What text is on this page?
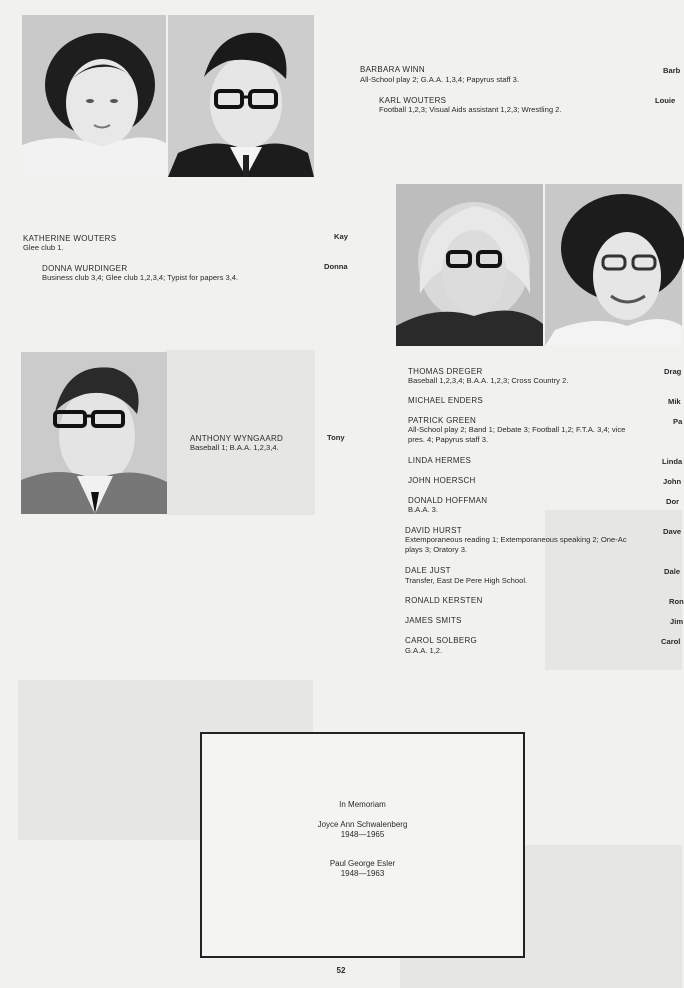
BARBARA WINN
All-School play 2; G.A.A. 1,3,4; Papyrus staff 3.
Barb
KARL WOUTERS
Football 1,2,3; Visual Aids assistant 1,2,3; Wrestling 2.
Louie
KATHERINE WOUTERS
Glee club 1.
Kay
DONNA WURDINGER
Business club 3,4; Glee club 1,2,3,4; Typist for papers 3,4.
Donna
ANTHONY WYNGAARD
Baseball 1; B.A.A. 1,2,3,4.
Tony
THOMAS DREGER
Baseball 1,2,3,4; B.A.A. 1,2,3; Cross Country 2.
Drag
MICHAEL ENDERS	Mik
PATRICK GREEN
All-School play 2; Band 1; Debate 3; Football 1,2; F.T.A. 3,4; vice
pres. 4; Papyrus staff 3.
Pa
LINDA HERMES	Linda
JOHN HOERSCH	John
DONALD HOFFMAN
B.A.A. 3.
Dor
DAVID HURST
Extemporaneous reading 1; Extemporaneous speaking 2; One-Ac
plays 3; Oratory 3.
Dave
DALE JUST
Transfer, East De Pere High School.
Dale
RONALD KERSTEN	Ron
JAMES SMITS	Jim
CAROL SOLBERG
G.A.A. 1,2.
Carol
In Memoriam
Joyce Ann Schwalenberg
1948—1965
Paul George Esler
1948—1963
52
